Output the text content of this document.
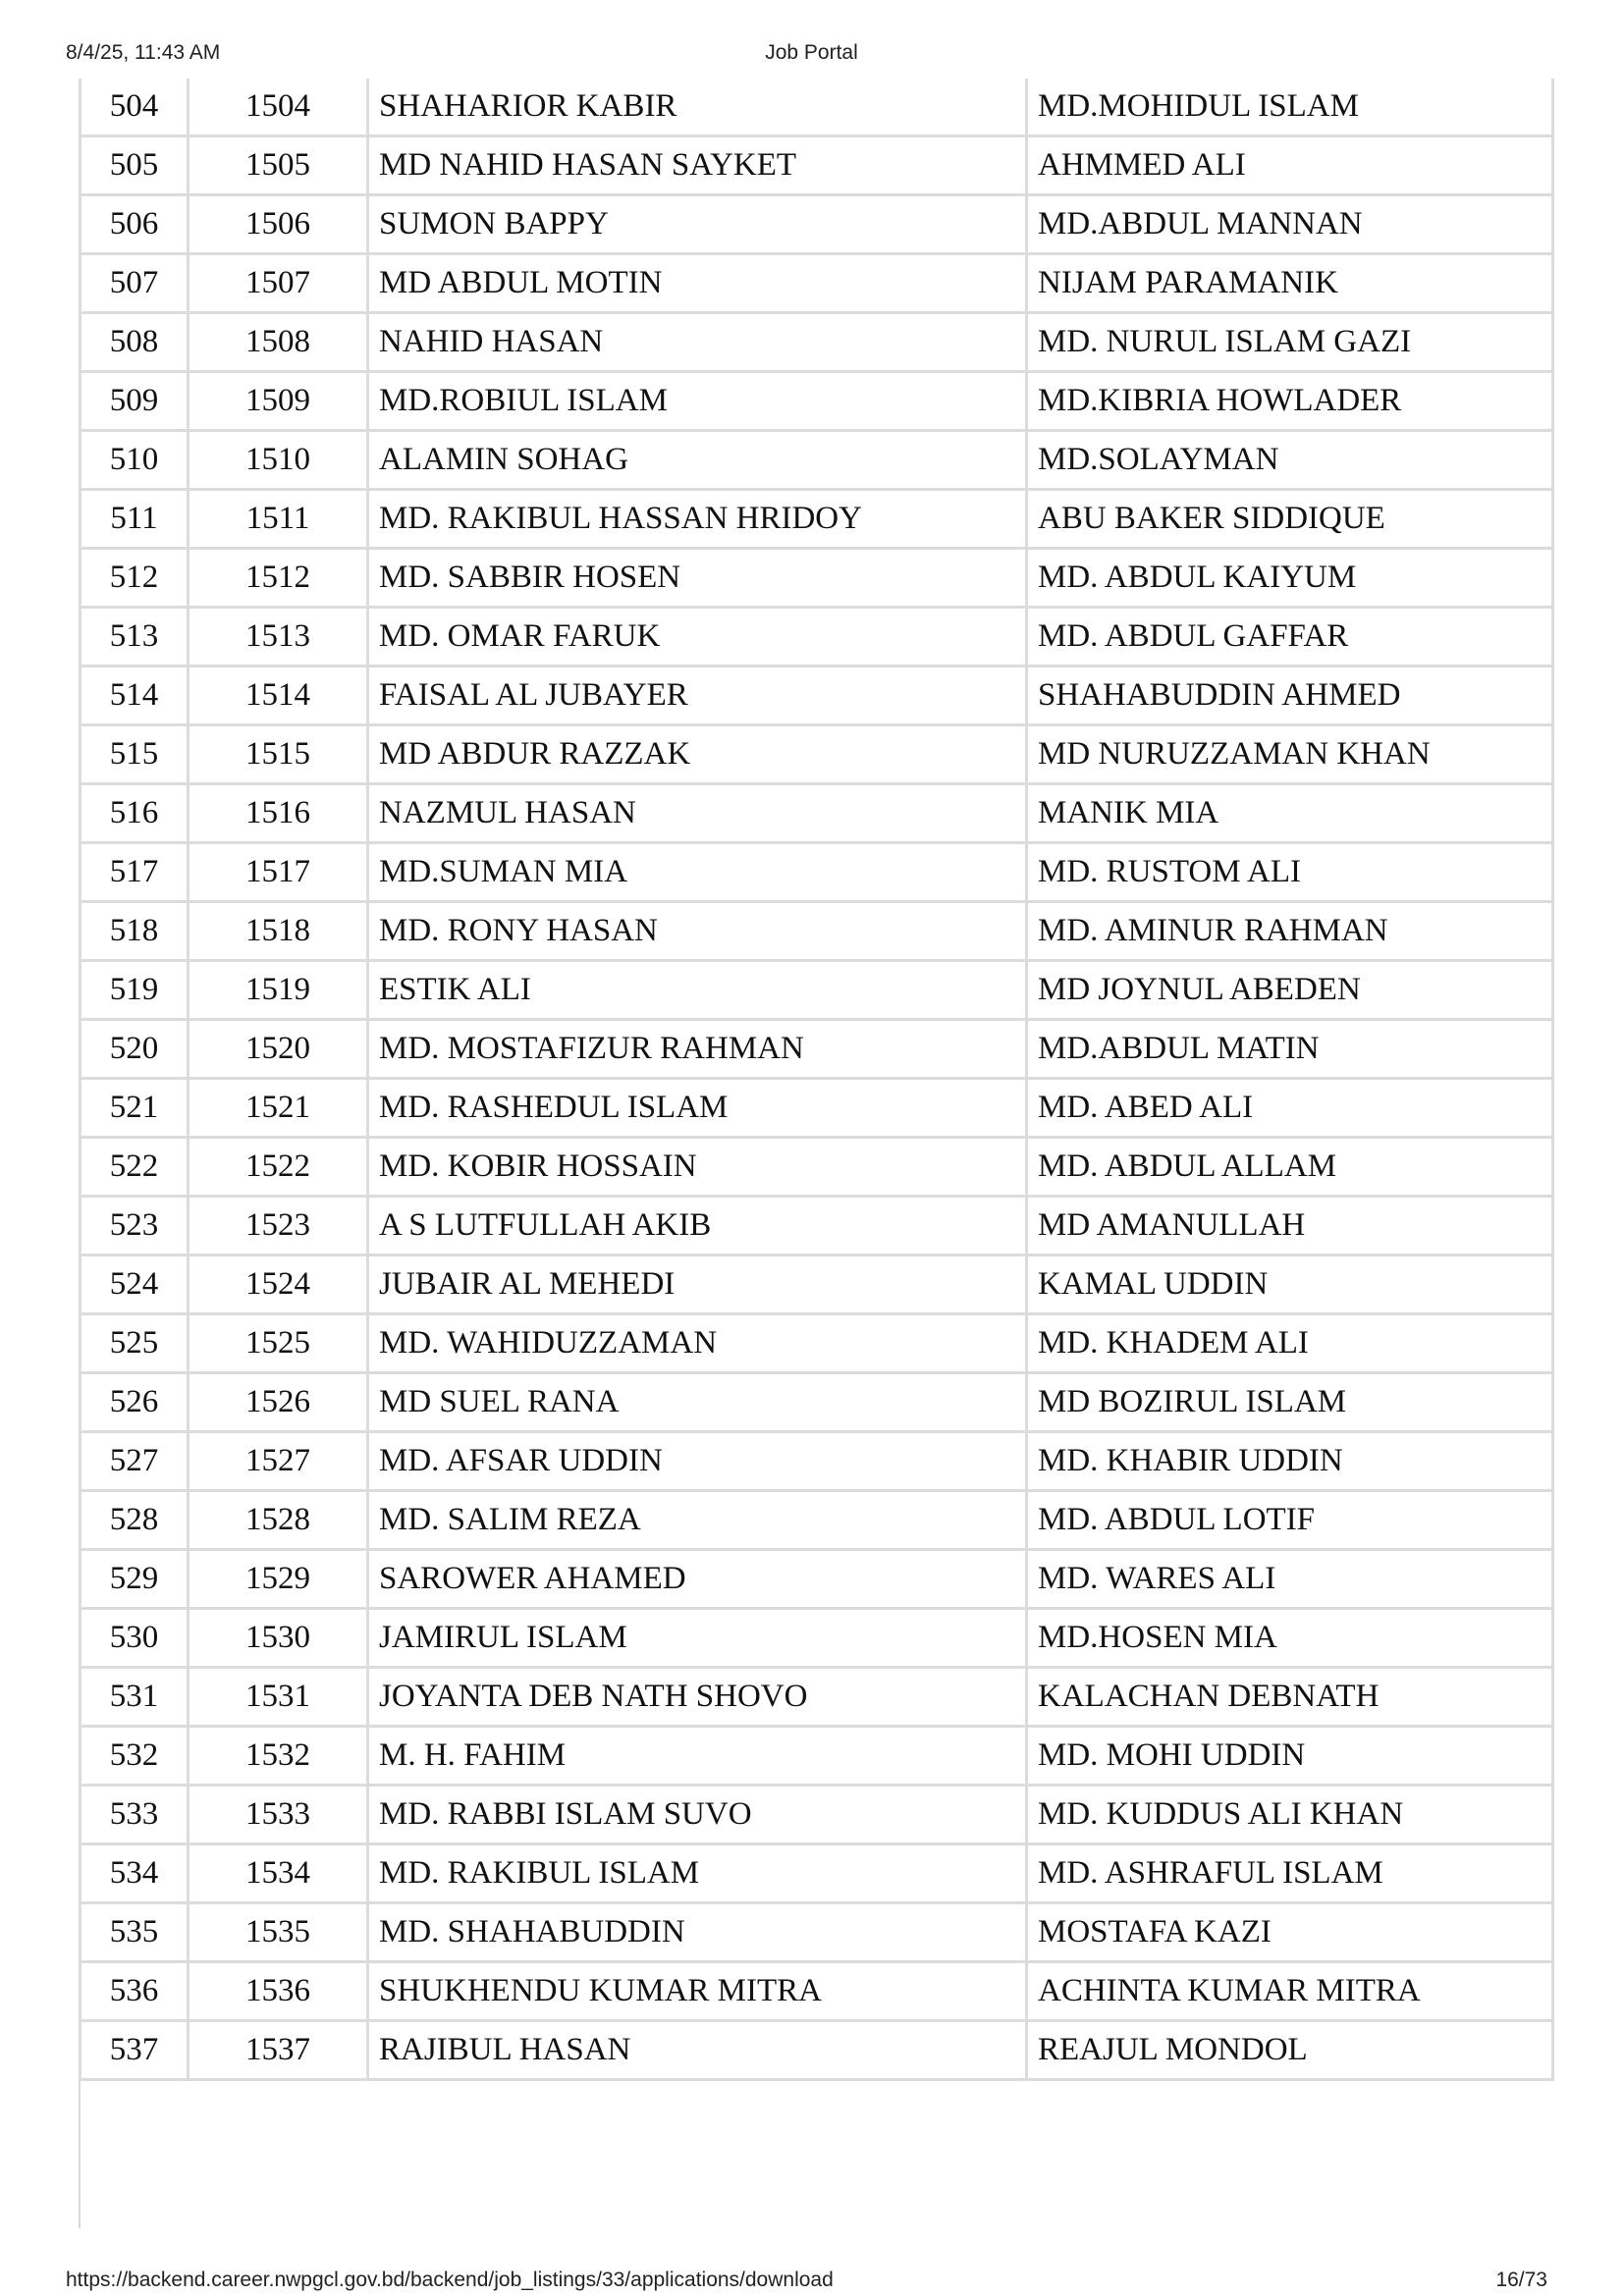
8/4/25, 11:43 AM	Job Portal
504	1504	SHAHARIOR KABIR	MD.MOHIDUL ISLAM
505	1505	MD NAHID HASAN SAYKET	AHMMED ALI
506	1506	SUMON BAPPY	MD.ABDUL MANNAN
507	1507	MD ABDUL MOTIN	NIJAM PARAMANIK
508	1508	NAHID HASAN	MD. NURUL ISLAM GAZI
509	1509	MD.ROBIUL ISLAM	MD.KIBRIA HOWLADER
510	1510	ALAMIN SOHAG	MD.SOLAYMAN
511	1511	MD. RAKIBUL HASSAN HRIDOY	ABU BAKER SIDDIQUE
512	1512	MD. SABBIR HOSEN	MD. ABDUL KAIYUM
513	1513	MD. OMAR FARUK	MD. ABDUL GAFFAR
514	1514	FAISAL AL JUBAYER	SHAHABUDDIN AHMED
515	1515	MD ABDUR RAZZAK	MD NURUZZAMAN KHAN
516	1516	NAZMUL HASAN	MANIK MIA
517	1517	MD.SUMAN MIA	MD. RUSTOM ALI
518	1518	MD. RONY HASAN	MD. AMINUR RAHMAN
519	1519	ESTIK ALI	MD JOYNUL ABEDEN
520	1520	MD. MOSTAFIZUR RAHMAN	MD.ABDUL MATIN
521	1521	MD. RASHEDUL ISLAM	MD. ABED ALI
522	1522	MD. KOBIR HOSSAIN	MD. ABDUL ALLAM
523	1523	A S LUTFULLAH AKIB	MD AMANULLAH
524	1524	JUBAIR AL MEHEDI	KAMAL UDDIN
525	1525	MD. WAHIDUZZAMAN	MD. KHADEM ALI
526	1526	MD SUEL RANA	MD BOZIRUL ISLAM
527	1527	MD. AFSAR UDDIN	MD. KHABIR UDDIN
528	1528	MD. SALIM REZA	MD. ABDUL LOTIF
529	1529	SAROWER AHAMED	MD. WARES ALI
530	1530	JAMIRUL ISLAM	MD.HOSEN MIA
531	1531	JOYANTA DEB NATH SHOVO	KALACHAN DEBNATH
532	1532	M. H. FAHIM	MD. MOHI UDDIN
533	1533	MD. RABBI ISLAM SUVO	MD. KUDDUS ALI KHAN
534	1534	MD. RAKIBUL ISLAM	MD. ASHRAFUL ISLAM
535	1535	MD. SHAHABUDDIN	MOSTAFA KAZI
536	1536	SHUKHENDU KUMAR MITRA	ACHINTA KUMAR MITRA
537	1537	RAJIBUL HASAN	REAJUL MONDOL
https://backend.career.nwpgcl.gov.bd/backend/job_listings/33/applications/download	16/73
